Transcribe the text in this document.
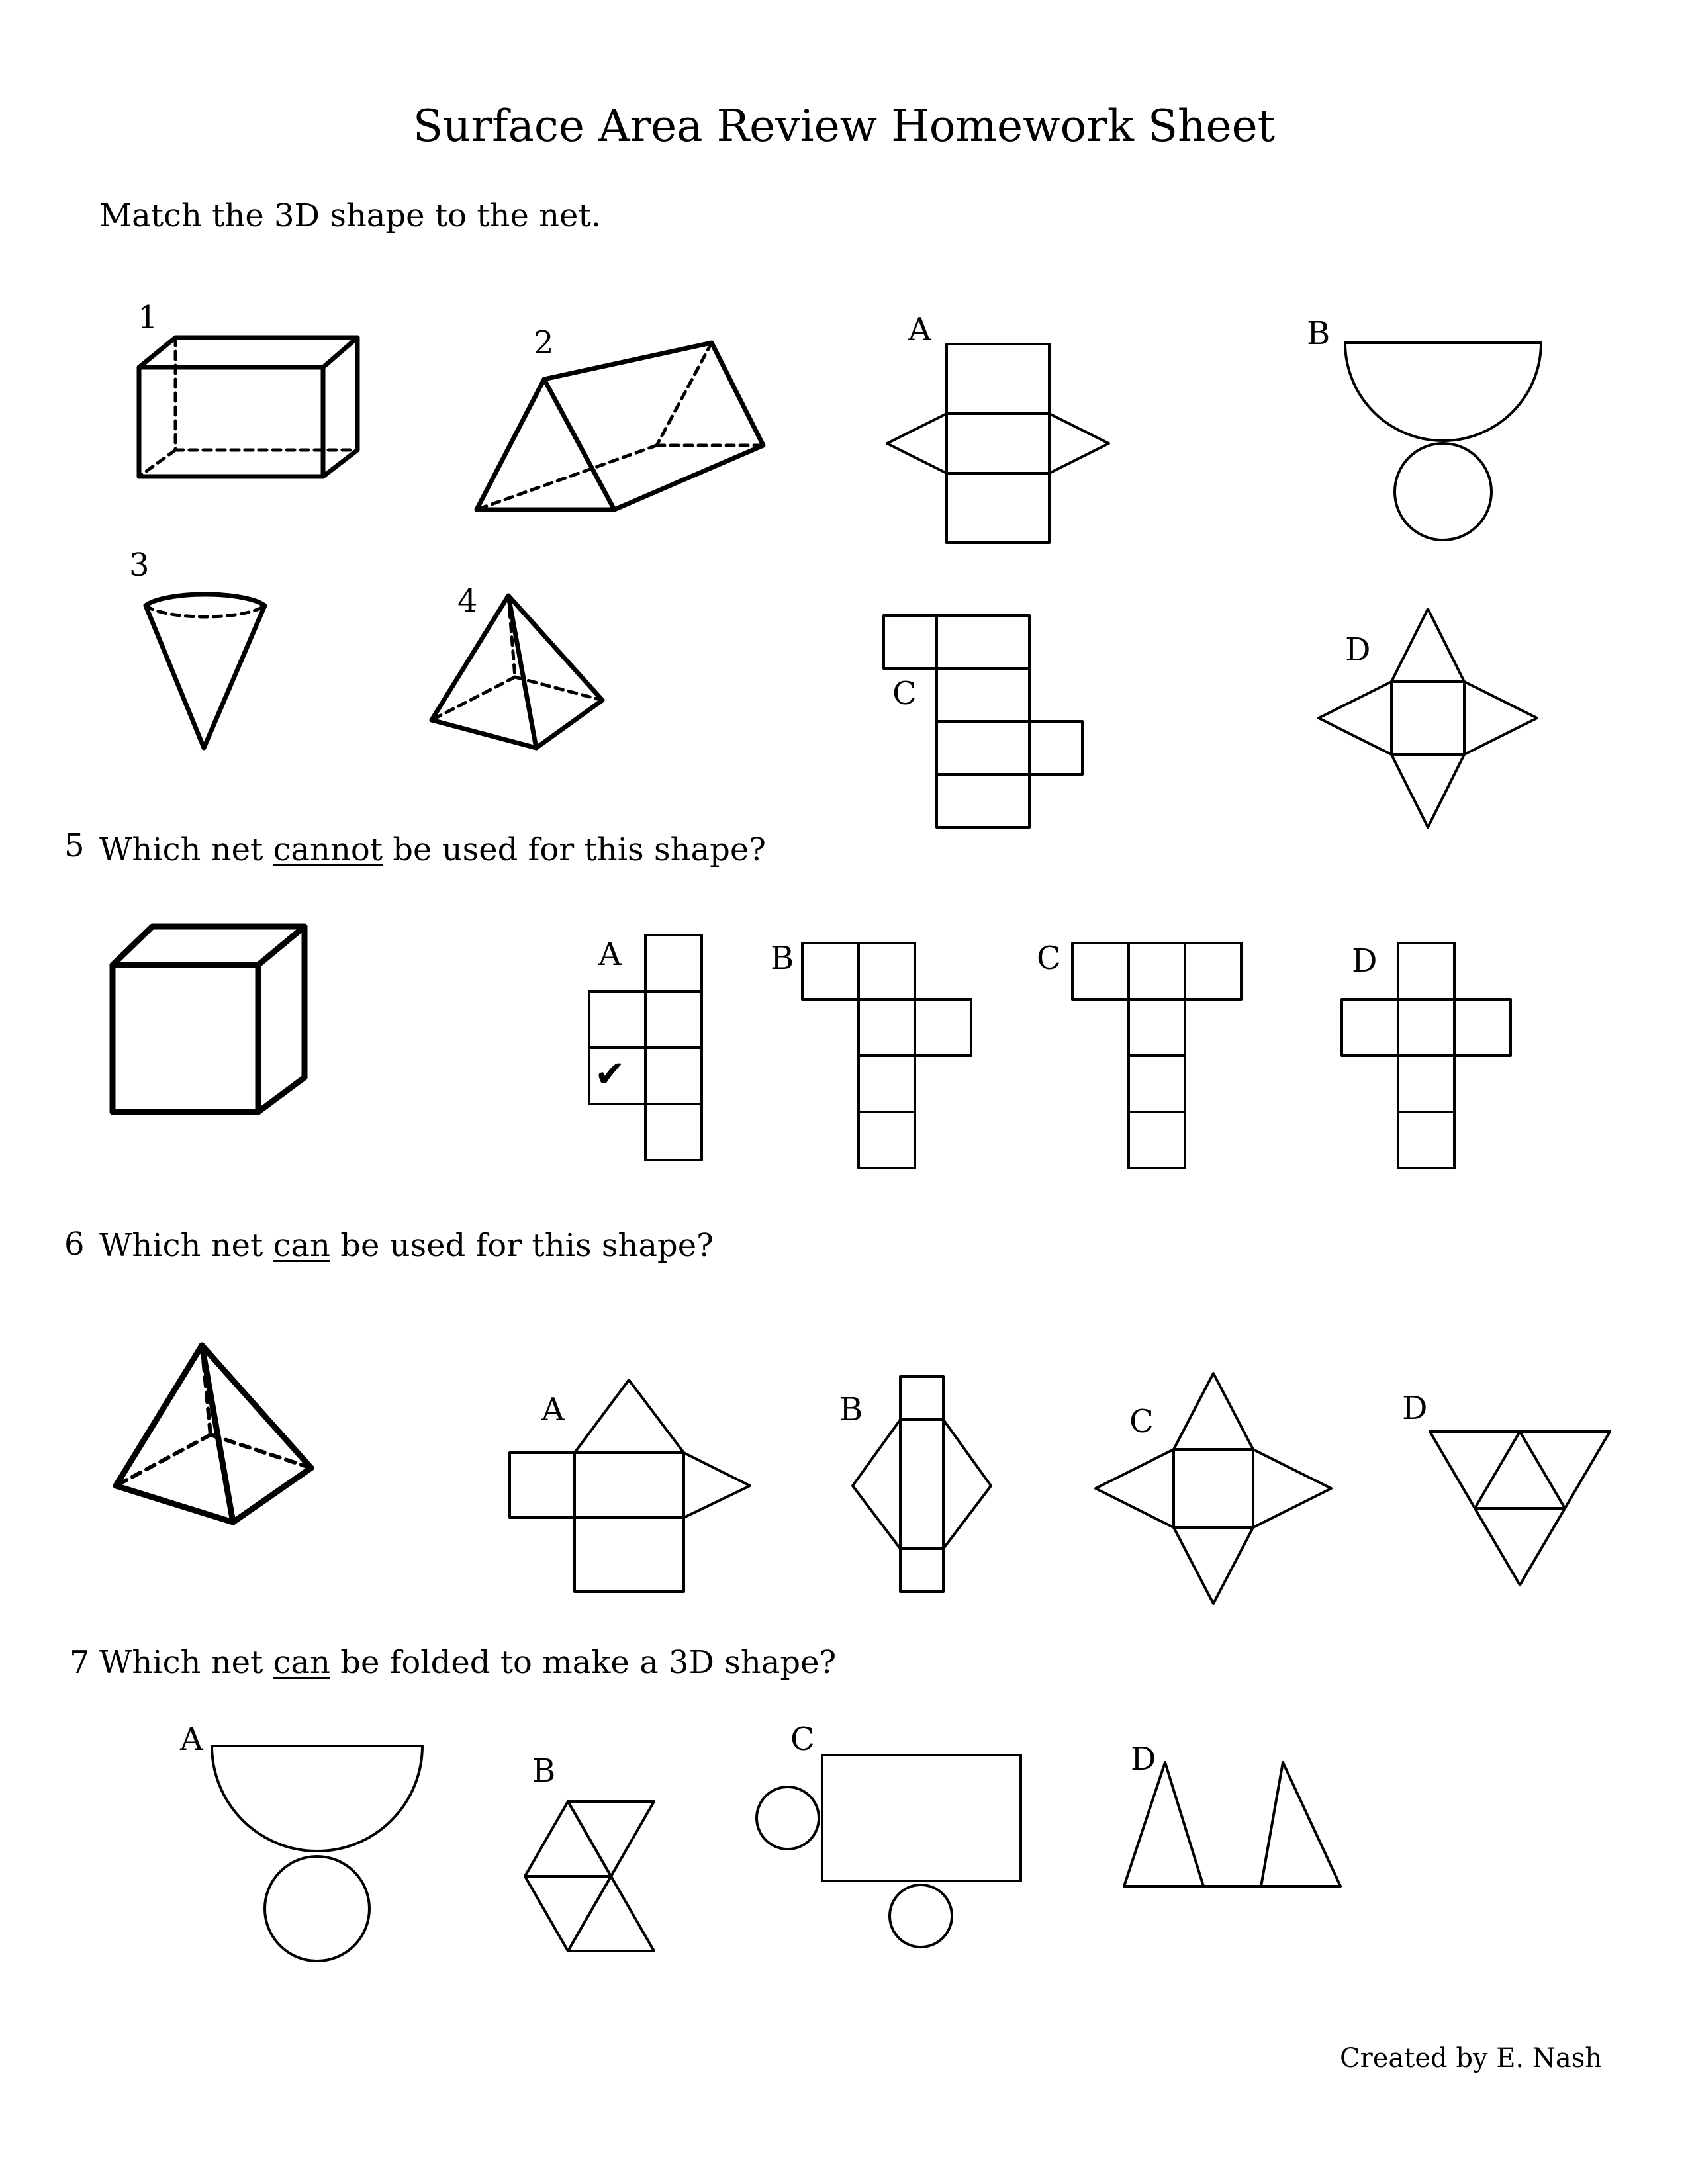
Surface Area Review Homework Sheet
Match the 3D shape to the net.
1
2
3
4
A	B
C
D
5 Which net cannot be used for this shape?
A	B	C	D
✔
6 Which net can be used for this shape?
A	B	C	D
7 Which net can be folded to make a 3D shape?
A
B
C
D
Created by E. Nash
